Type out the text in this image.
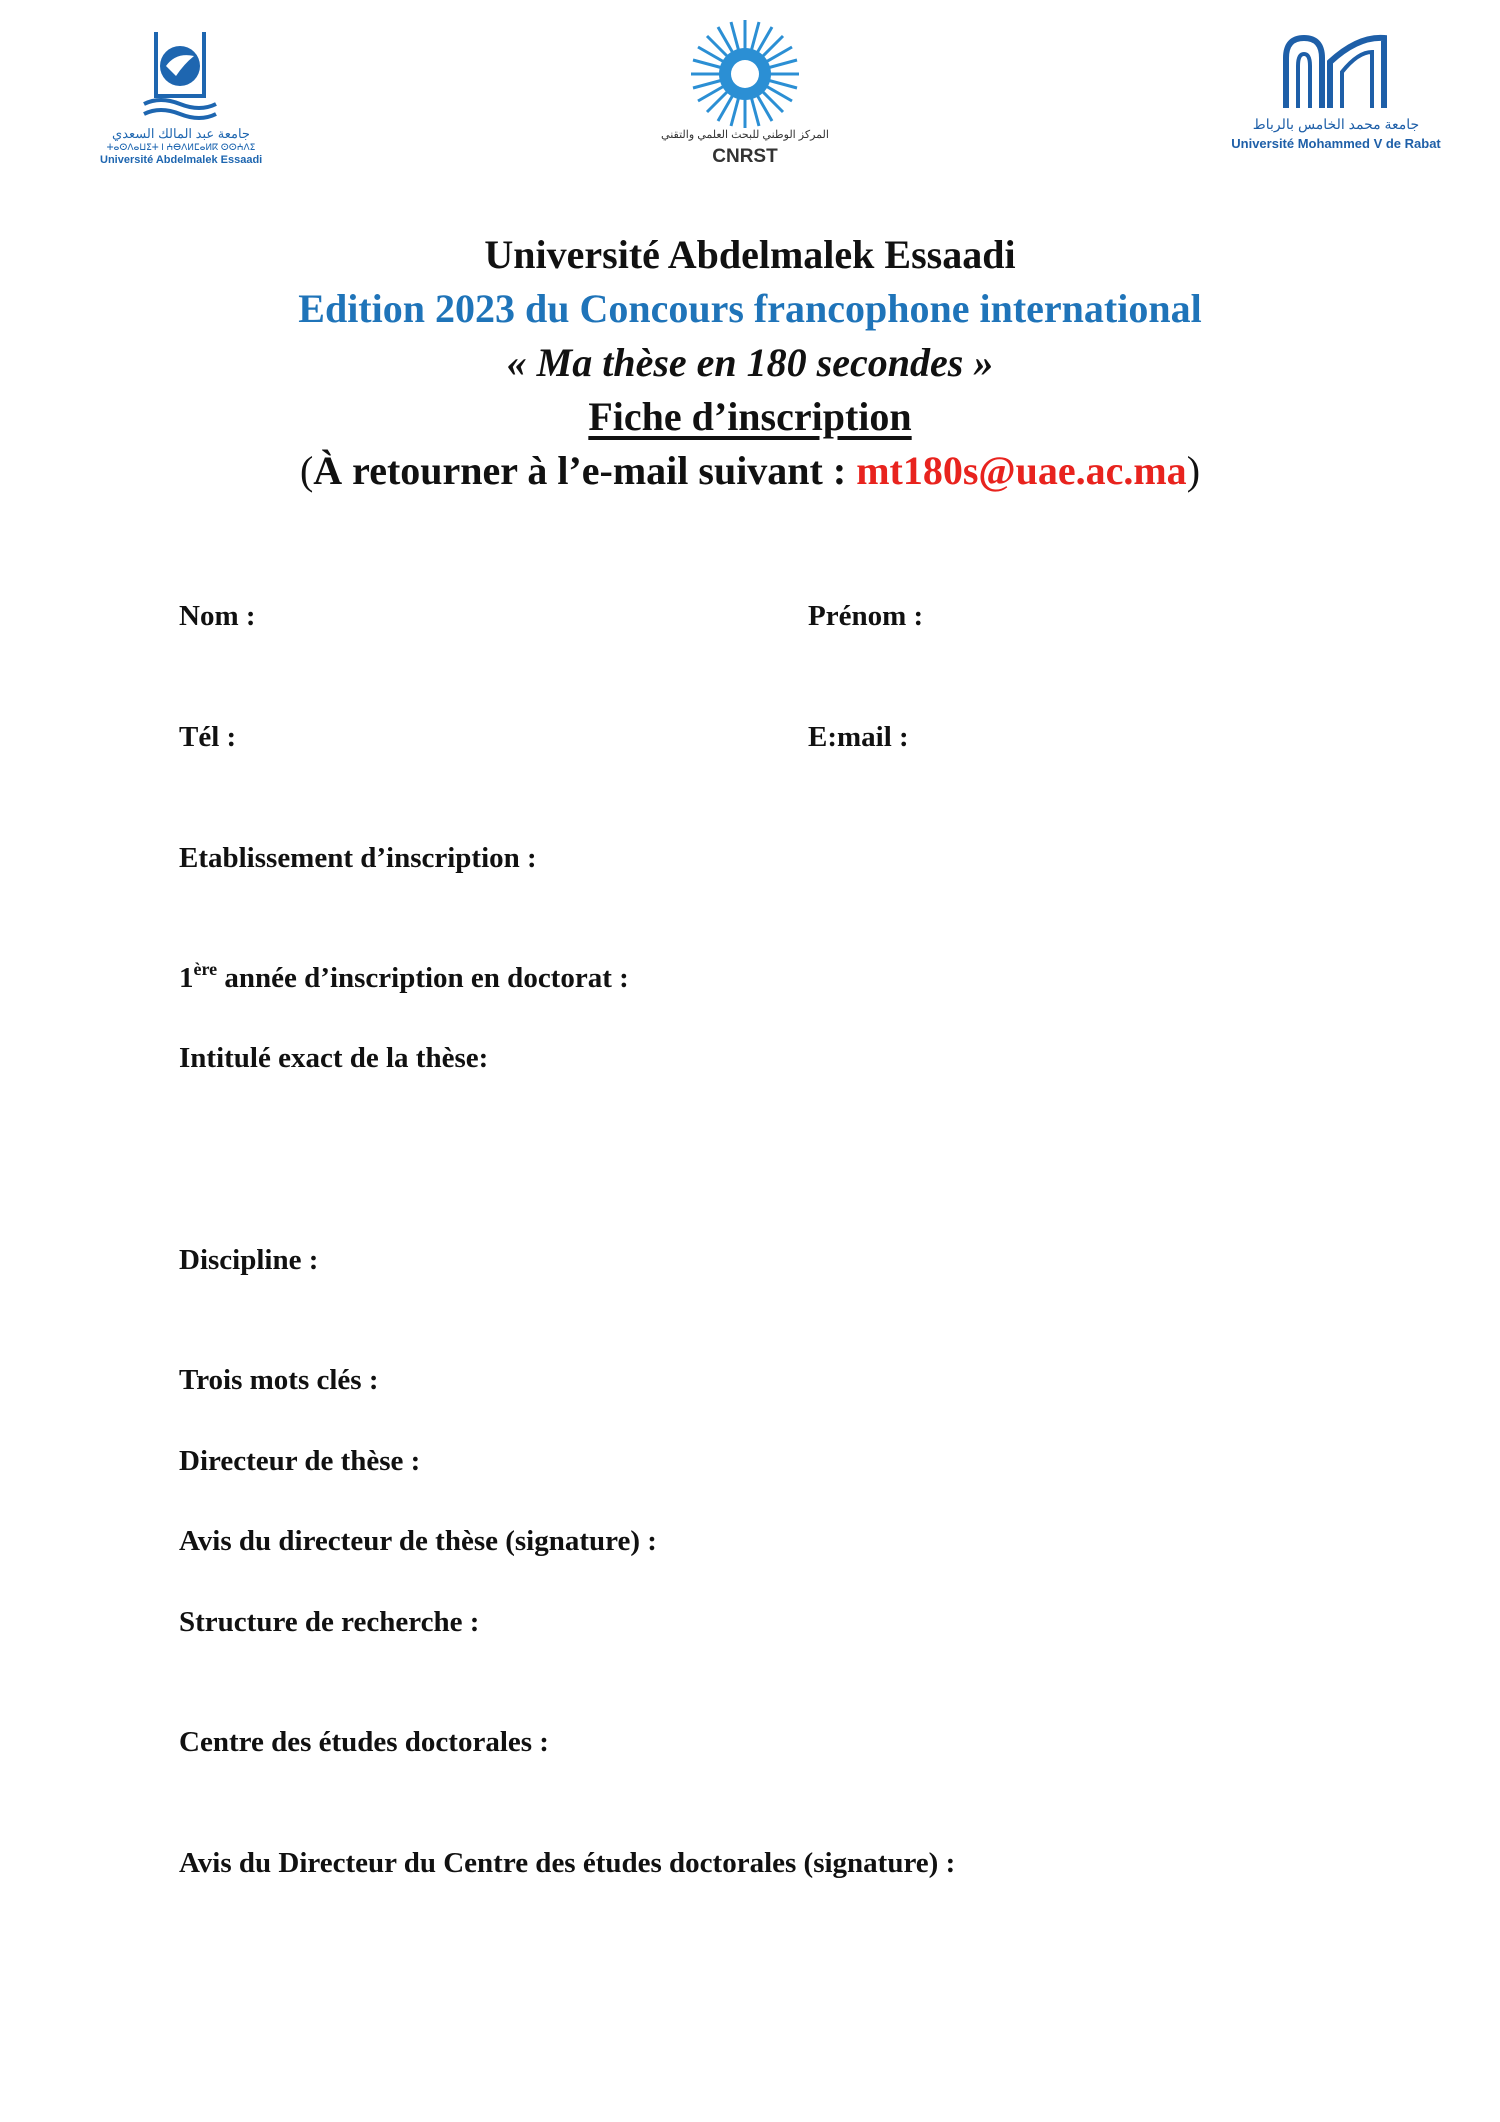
جامعة عبد المالك السعدي
ⵜⴰⵙⴷⴰⵡⵉⵜ ⵏ ⵄⴱⴷⵍⵎⴰⵍⴽ ⵙⵙⵄⴷⵉ
Université Abdelmalek Essaadi
المركز الوطني للبحث العلمي والتقني
CNRST
جامعة محمد الخامس بالرباط
Université Mohammed V de Rabat
Université Abdelmalek Essaadi
Edition 2023 du Concours francophone international
« Ma thèse en 180 secondes »
Fiche d’inscription
(À retourner à l’e-mail suivant : mt180s@uae.ac.ma)
Nom :	Prénom :
Tél :	E:mail :
Etablissement d’inscription :
1ère année d’inscription en doctorat :
Intitulé exact de la thèse:
Discipline :
Trois mots clés :
Directeur de thèse :
Avis du directeur de thèse (signature) :
Structure de recherche :
Centre des études doctorales :
Avis du Directeur du Centre des études doctorales (signature) :
